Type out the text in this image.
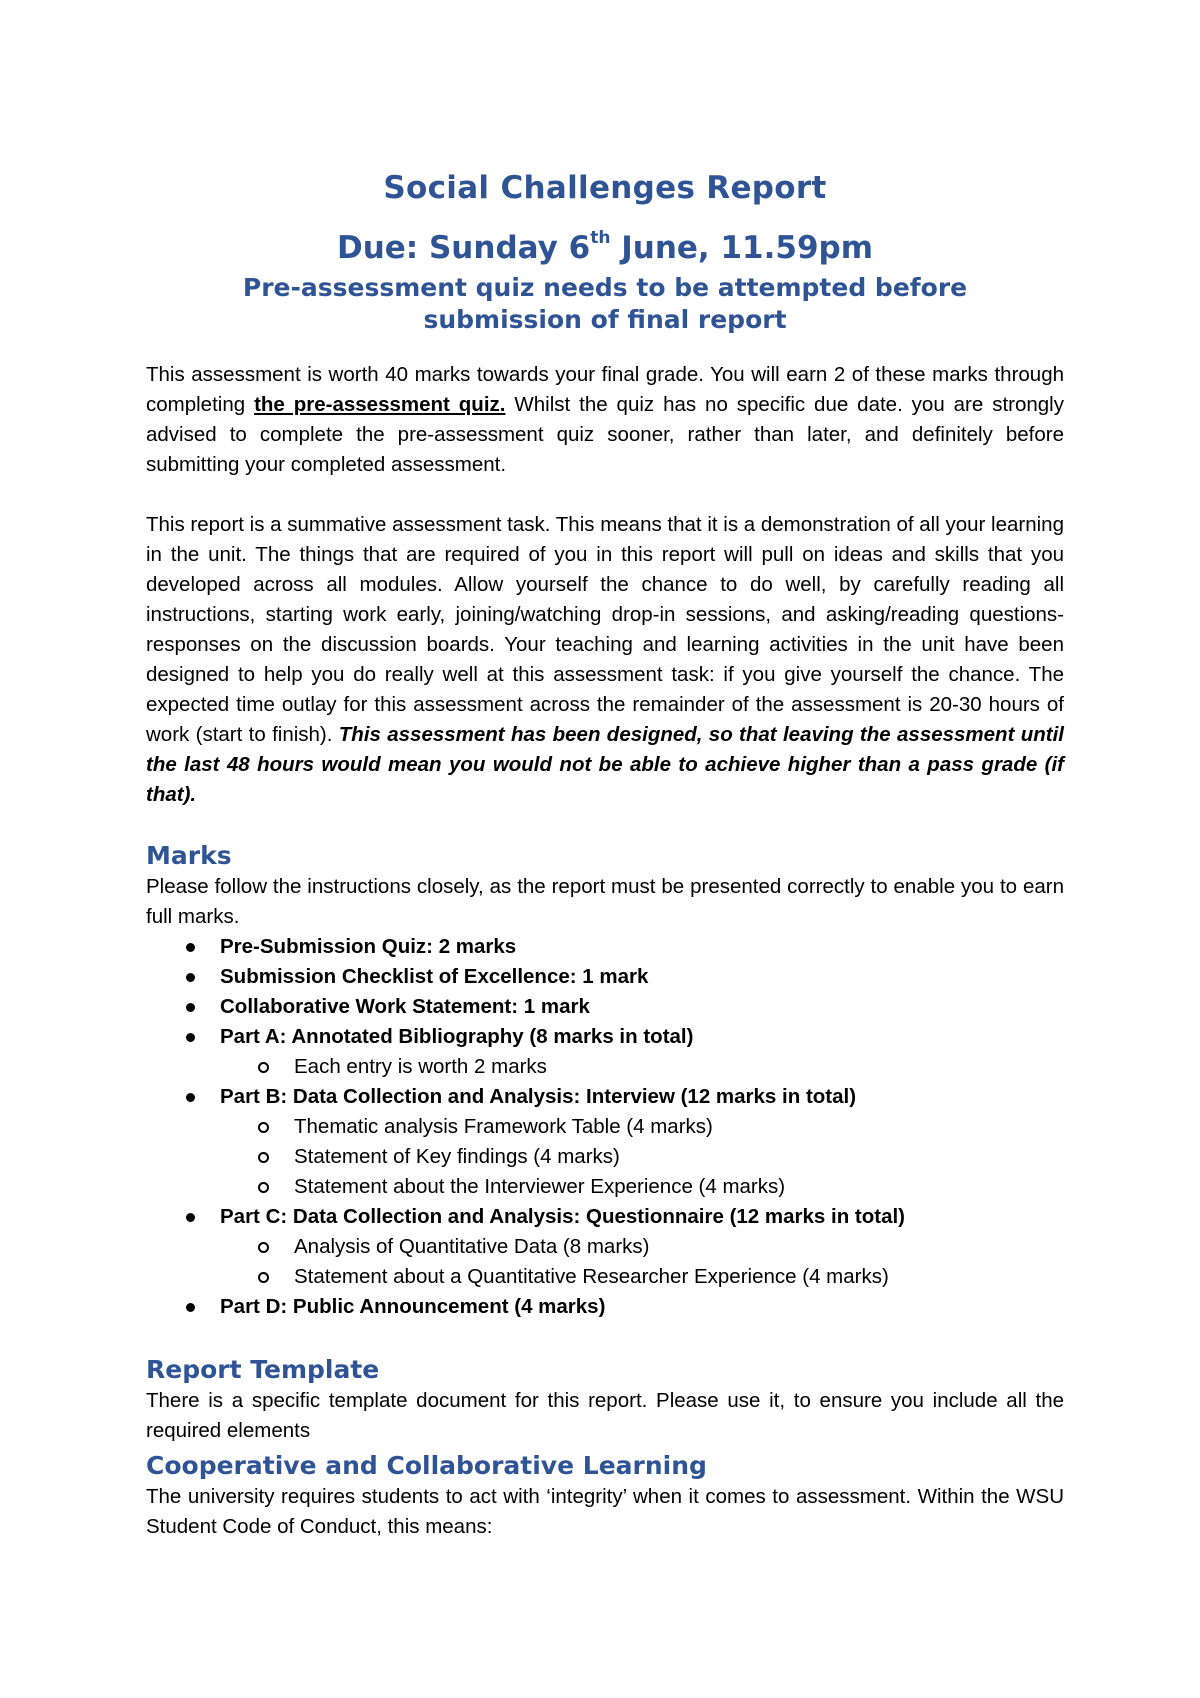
Social Challenges Report
Due: Sunday 6th June, 11.59pm
Pre-assessment quiz needs to be attempted before
submission of final report

This assessment is worth 40 marks towards your final grade. You will earn 2 of these marks through completing the pre-assessment quiz. Whilst the quiz has no specific due date. you are strongly advised to complete the pre-assessment quiz sooner, rather than later, and definitely before submitting your completed assessment.

This report is a summative assessment task. This means that it is a demonstration of all your learning in the unit. The things that are required of you in this report will pull on ideas and skills that you developed across all modules. Allow yourself the chance to do well, by carefully reading all instructions, starting work early, joining/watching drop-in sessions, and asking/reading questions-responses on the discussion boards. Your teaching and learning activities in the unit have been designed to help you do really well at this assessment task: if you give yourself the chance. The expected time outlay for this assessment across the remainder of the assessment is 20-30 hours of work (start to finish). This assessment has been designed, so that leaving the assessment until the last 48 hours would mean you would not be able to achieve higher than a pass grade (if that).

Marks

Please follow the instructions closely, as the report must be presented correctly to enable you to earn full marks.

Pre-Submission Quiz: 2 marks
Submission Checklist of Excellence: 1 mark
Collaborative Work Statement: 1 mark
Part A: Annotated Bibliography (8 marks in total)
Each entry is worth 2 marks
Part B: Data Collection and Analysis: Interview (12 marks in total)
Thematic analysis Framework Table (4 marks)
Statement of Key findings (4 marks)
Statement about the Interviewer Experience (4 marks)
Part C: Data Collection and Analysis: Questionnaire (12 marks in total)
Analysis of Quantitative Data (8 marks)
Statement about a Quantitative Researcher Experience (4 marks)
Part D: Public Announcement (4 marks)
Report Template

There is a specific template document for this report. Please use it, to ensure you include all the required elements

Cooperative and Collaborative Learning

The university requires students to act with ‘integrity’ when it comes to assessment. Within the WSU Student Code of Conduct, this means:
